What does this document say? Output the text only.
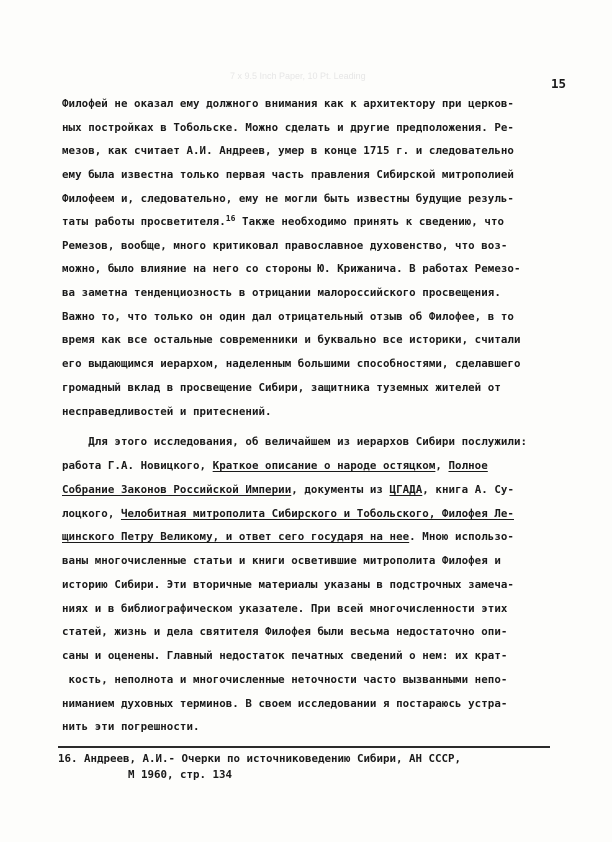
7 x 9.5 Inch Paper, 10 Pt. Leading	15
Филофей не оказал ему должного внимания как к архитектору при церков-
ных постройках в Тобольске. Можно сделать и другие предположения. Ре-
мезов, как считает А.И. Андреев, умер в конце 1715 г. и следовательно
ему была известна только первая часть правления Сибирской митрополией
Филофеем и, следовательно, ему не могли быть известны будущие резуль-
таты работы просветителя.$^{16}$ Также необходимо принять к сведению, что
Ремезов, вообще, много критиковал православное духовенство, что воз-
можно, было влияние на него со стороны Ю. Крижанича. В работах Ремезо-
ва заметна тенденциозность в отрицании малороссийского просвещения.
Важно то, что только он один дал отрицательный отзыв об Филофее, в то
время как все остальные современники и буквально все историки, считали
его выдающимся иерархом, наделенным большими способностями, сделавшего
громадный вклад в просвещение Сибири, защитника туземных жителей от
несправедливостей и притеснений.
Для этого исследования, об величайшем из иерархов Сибири послужили:
работа Г.А. Новицкого, Краткое описание о народе остяцком, Полное
Собрание Законов Российской Империи, документы из ЦГАДА, книга А. Су-
лоцкого, Челобитная митрополита Сибирского и Тобольского, Филофея Ле-
щинского Петру Великому, и ответ сего государя на нее. Мною использо-
ваны многочисленные статьи и книги осветившие митрополита Филофея и
историю Сибири. Эти вторичные материалы указаны в подстрочных замеча-
ниях и в библиографическом указателе. При всей многочисленности этих
статей, жизнь и дела святителя Филофея были весьма недостаточно опи-
саны и оценены. Главный недостаток печатных сведений о нем: их крат-
кость, неполнота и многочисленные неточности часто вызванными непо-
ниманием духовных терминов. В своем исследовании я постараюсь устра-
нить эти погрешности.
16. Андреев, А.И.- Очерки по источниковедению Сибири, АН СССР,
М 1960, стр. 134
